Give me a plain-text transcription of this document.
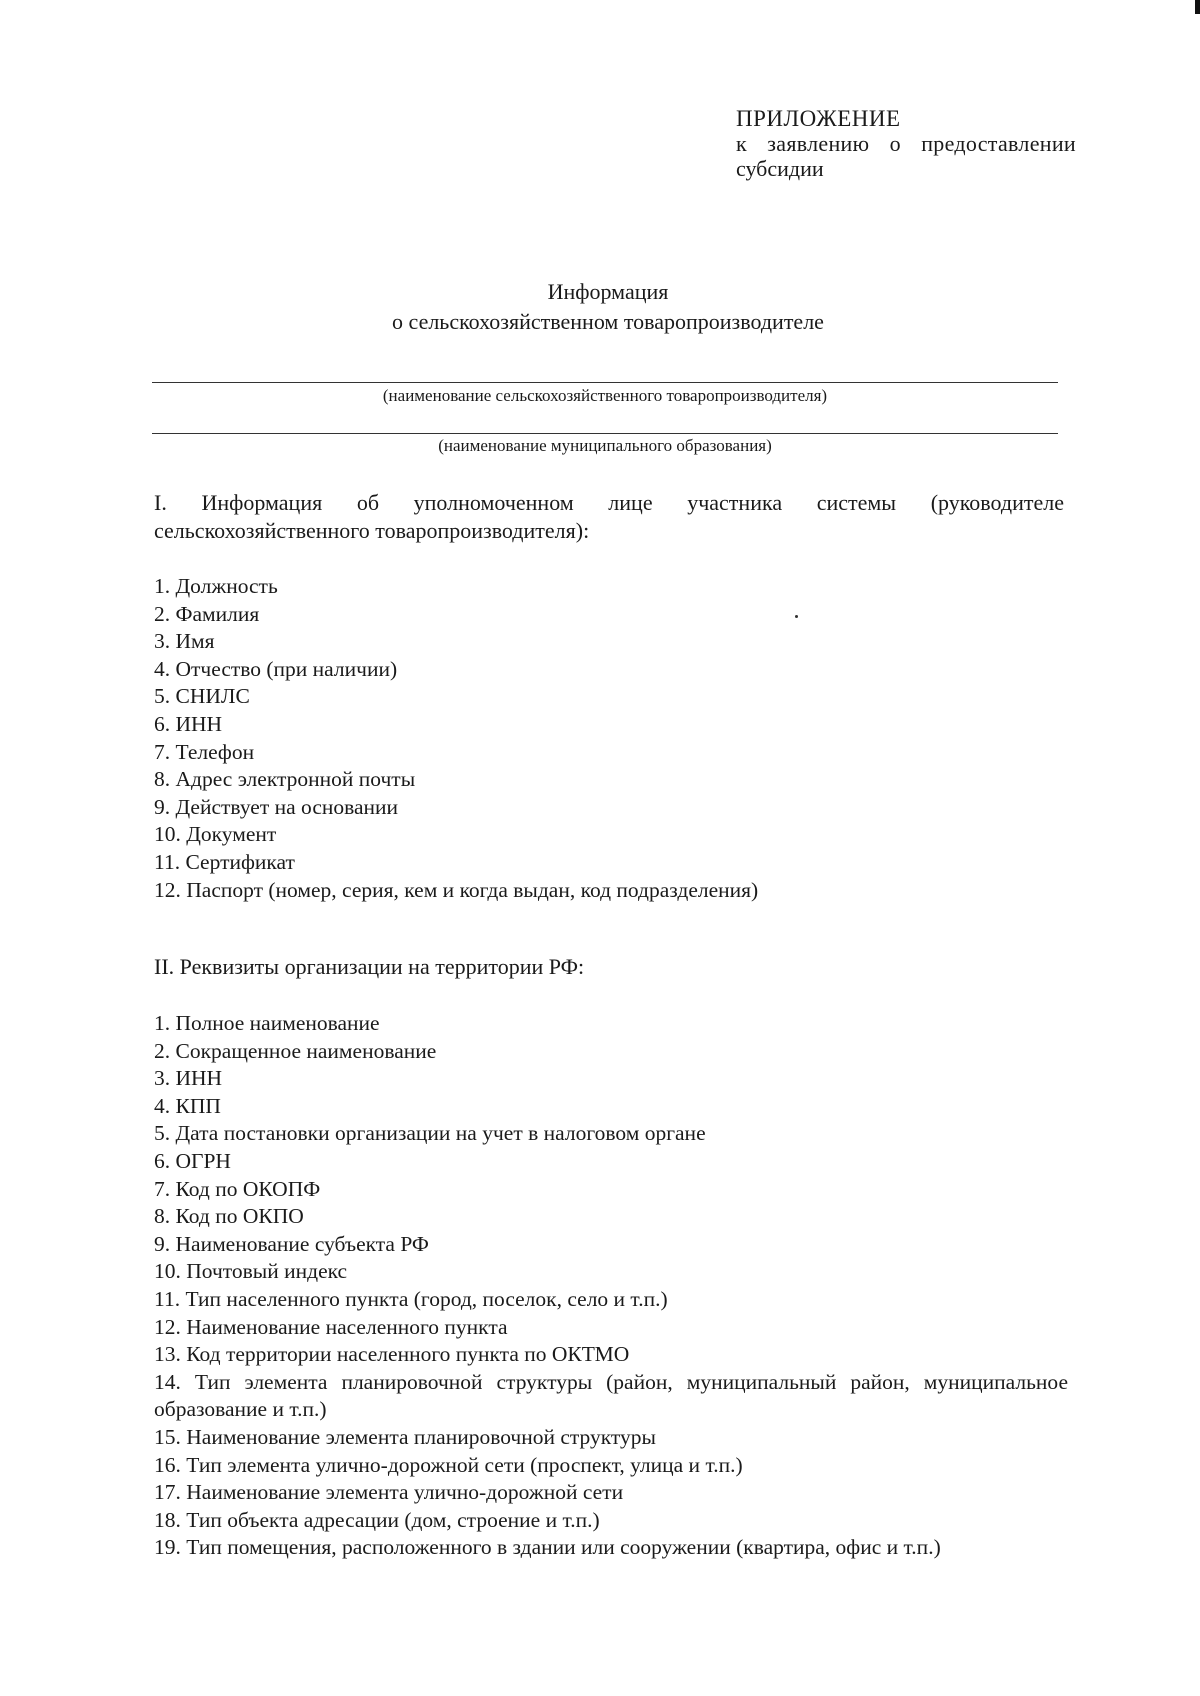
ПРИЛОЖЕНИЕ
к заявлению о предоставлении
субсидии
Информация
о сельскохозяйственном товаропроизводителе
(наименование сельскохозяйственного товаропроизводителя)
(наименование муниципального образования)
I. Информация об уполномоченном лице участника системы (руководителе сельскохозяйственного товаропроизводителя):
1. Должность
2. Фамилия
3. Имя
4. Отчество (при наличии)
5. СНИЛС
6. ИНН
7. Телефон
8. Адрес электронной почты
9. Действует на основании
10. Документ
11. Сертификат
12. Паспорт (номер, серия, кем и когда выдан, код подразделения)
II. Реквизиты организации на территории РФ:
1. Полное наименование
2. Сокращенное наименование
3. ИНН
4. КПП
5. Дата постановки организации на учет в налоговом органе
6. ОГРН
7. Код по ОКОПФ
8. Код по ОКПО
9. Наименование субъекта РФ
10. Почтовый индекс
11. Тип населенного пункта (город, поселок, село и т.п.)
12. Наименование населенного пункта
13. Код территории населенного пункта по ОКТМО
14. Тип элемента планировочной структуры (район, муниципальный район, муниципальное образование и т.п.)
15. Наименование элемента планировочной структуры
16. Тип элемента улично-дорожной сети (проспект, улица и т.п.)
17. Наименование элемента улично-дорожной сети
18. Тип объекта адресации (дом, строение и т.п.)
19. Тип помещения, расположенного в здании или сооружении (квартира, офис и т.п.)
